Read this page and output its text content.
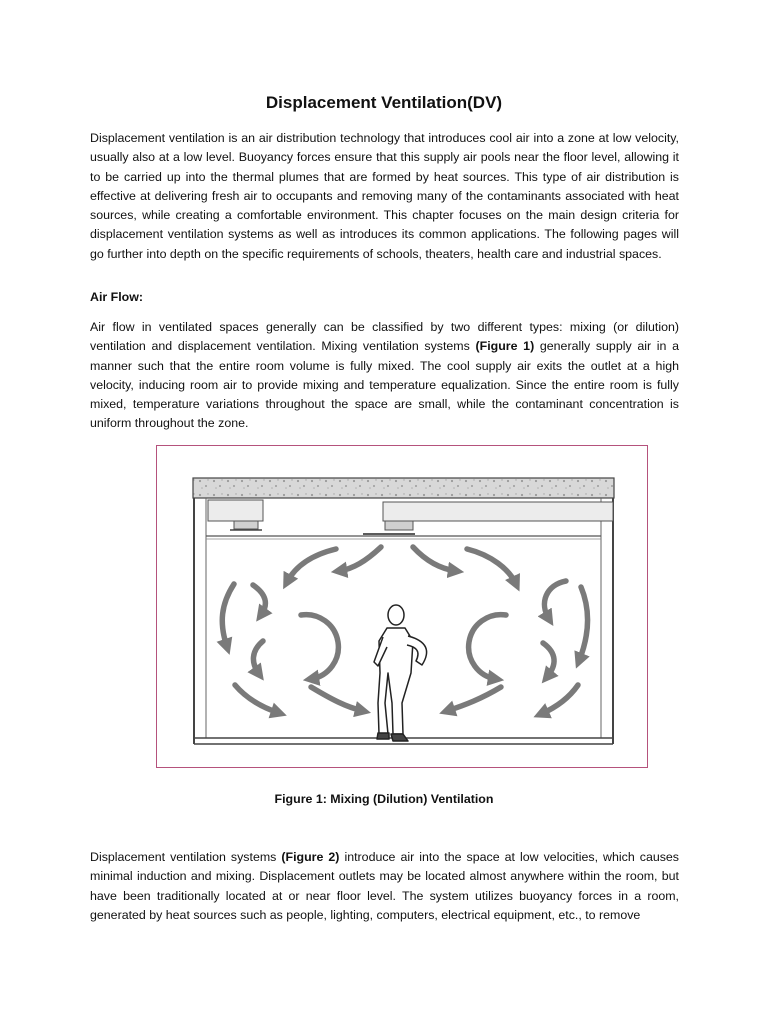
Displacement Ventilation(DV)

Displacement ventilation is an air distribution technology that introduces cool air into a zone at low velocity, usually also at a low level. Buoyancy forces ensure that this supply air pools near the floor level, allowing it to be carried up into the thermal plumes that are formed by heat sources. This type of air distribution is effective at delivering fresh air to occupants and removing many of the contaminants associated with heat sources, while creating a comfortable environment. This chapter focuses on the main design criteria for displacement ventilation systems as well as introduces its common applications. The following pages will go further into depth on the specific requirements of schools, theaters, health care and industrial spaces.

Air Flow:

Air flow in ventilated spaces generally can be classified by two different types: mixing (or dilution) ventilation and displacement ventilation. Mixing ventilation systems (Figure 1) generally supply air in a manner such that the entire room volume is fully mixed. The cool supply air exits the outlet at a high velocity, inducing room air to provide mixing and temperature equalization. Since the entire room is fully mixed, temperature variations throughout the space are small, while the contaminant concentration is uniform throughout the zone.

Figure 1: Mixing (Dilution) Ventilation

Displacement ventilation systems (Figure 2) introduce air into the space at low velocities, which causes minimal induction and mixing. Displacement outlets may be located almost anywhere within the room, but have been traditionally located at or near floor level. The system utilizes buoyancy forces in a room, generated by heat sources such as people, lighting, computers, electrical equipment, etc., to remove
